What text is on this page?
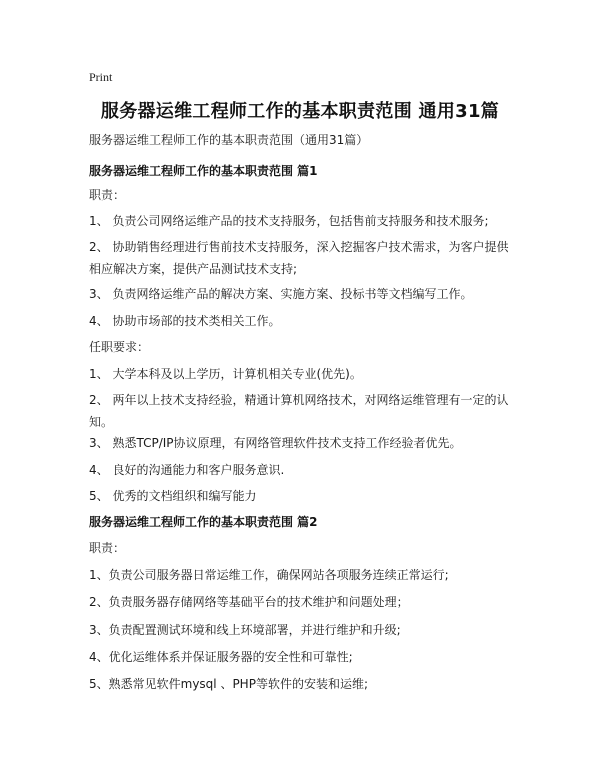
Print
服务器运维工程师工作的基本职责范围 通用31篇
服务器运维工程师工作的基本职责范围（通用31篇）
服务器运维工程师工作的基本职责范围 篇1
职责：
1、 负责公司网络运维产品的技术支持服务，包括售前支持服务和技术服务;
2、 协助销售经理进行售前技术支持服务，深入挖掘客户技术需求，为客户提供相应解决方案，提供产品测试技术支持;
3、 负责网络运维产品的解决方案、实施方案、投标书等文档编写工作。
4、 协助市场部的技术类相关工作。
任职要求：
1、 大学本科及以上学历，计算机相关专业(优先)。
2、 两年以上技术支持经验，精通计算机网络技术，对网络运维管理有一定的认知。
3、 熟悉TCP/IP协议原理，有网络管理软件技术支持工作经验者优先。
4、 良好的沟通能力和客户服务意识.
5、 优秀的文档组织和编写能力
服务器运维工程师工作的基本职责范围 篇2
职责：
1、负责公司服务器日常运维工作，确保网站各项服务连续正常运行;
2、负责服务器存储网络等基础平台的技术维护和问题处理；
3、负责配置测试环境和线上环境部署，并进行维护和升级;
4、优化运维体系并保证服务器的安全性和可靠性;
5、熟悉常见软件mysql 、PHP等软件的安装和运维;
